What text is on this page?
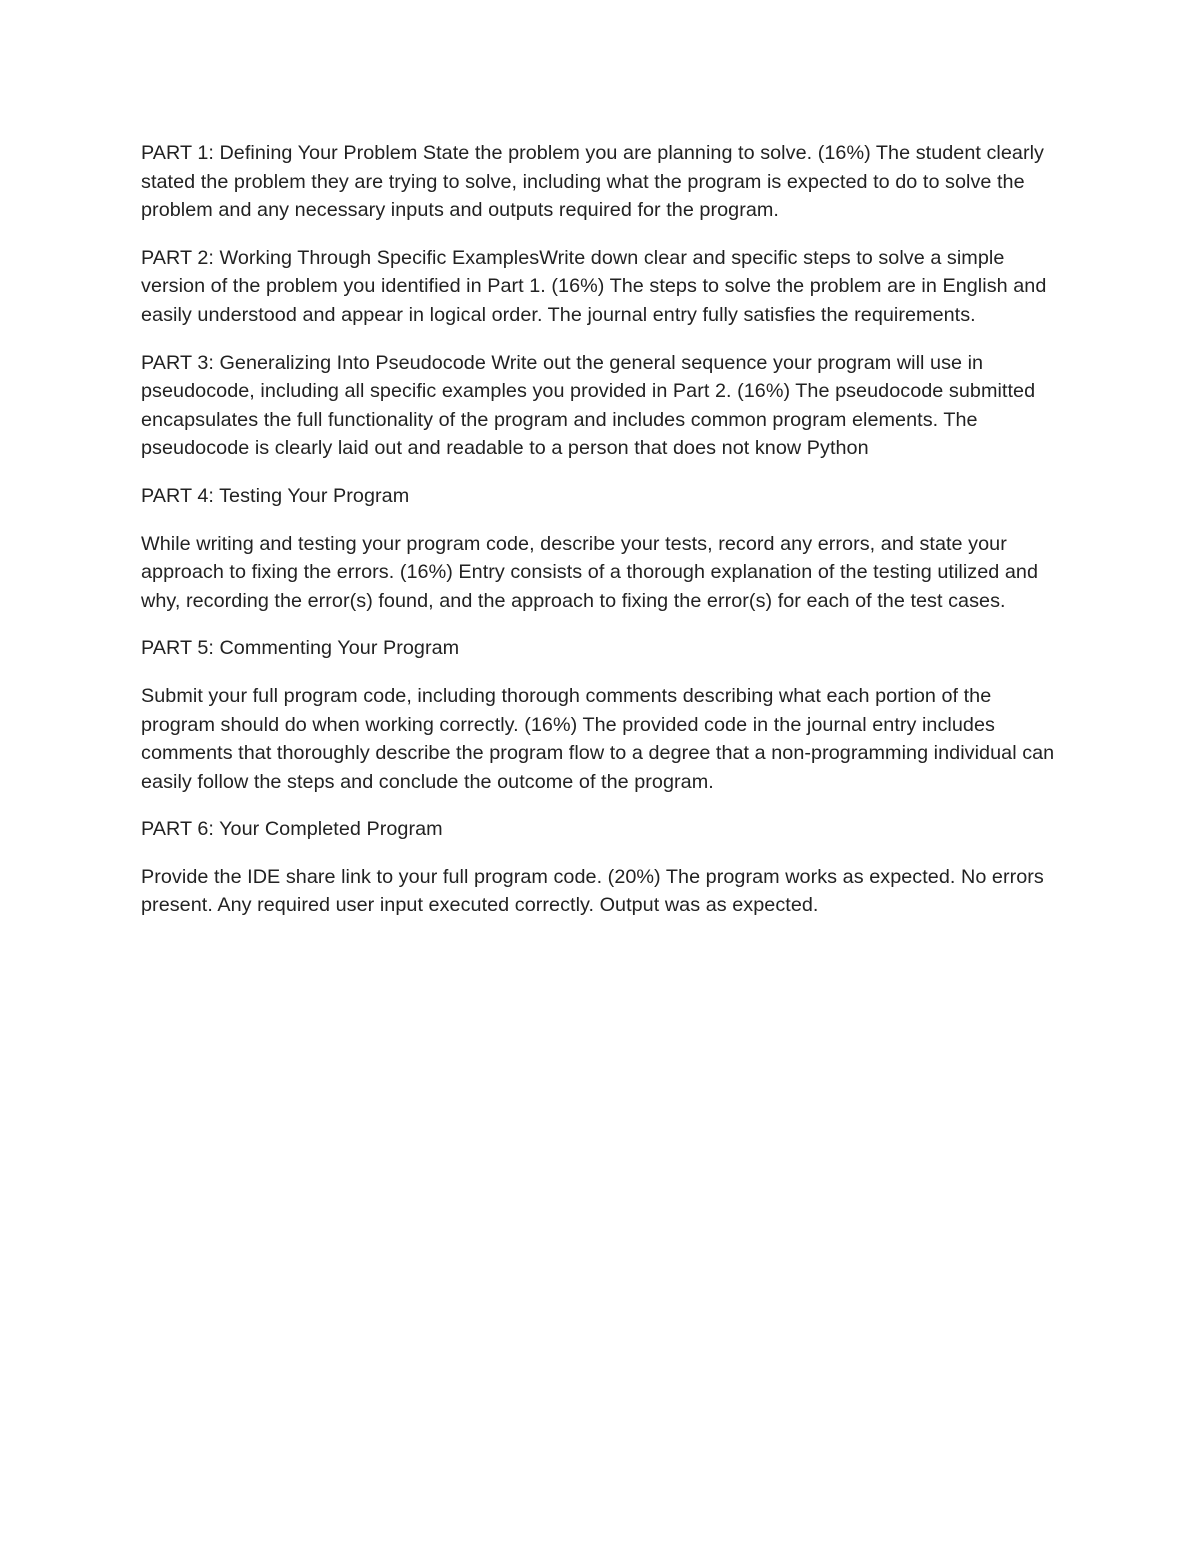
PART 1: Defining Your Problem State the problem you are planning to solve. (16%) The student clearly stated the problem they are trying to solve, including what the program is expected to do to solve the problem and any necessary inputs and outputs required for the program.

PART 2: Working Through Specific ExamplesWrite down clear and specific steps to solve a simple version of the problem you identified in Part 1. (16%) The steps to solve the problem are in English and easily understood and appear in logical order. The journal entry fully satisfies the requirements.

PART 3: Generalizing Into Pseudocode Write out the general sequence your program will use in pseudocode, including all specific examples you provided in Part 2. (16%) The pseudocode submitted encapsulates the full functionality of the program and includes common program elements. The pseudocode is clearly laid out and readable to a person that does not know Python

PART 4: Testing Your Program

While writing and testing your program code, describe your tests, record any errors, and state your approach to fixing the errors. (16%) Entry consists of a thorough explanation of the testing utilized and why, recording the error(s) found, and the approach to fixing the error(s) for each of the test cases.

PART 5: Commenting Your Program

Submit your full program code, including thorough comments describing what each portion of the program should do when working correctly. (16%) The provided code in the journal entry includes comments that thoroughly describe the program flow to a degree that a non-programming individual can easily follow the steps and conclude the outcome of the program.

PART 6: Your Completed Program

Provide the IDE share link to your full program code. (20%) The program works as expected. No errors present. Any required user input executed correctly. Output was as expected.
